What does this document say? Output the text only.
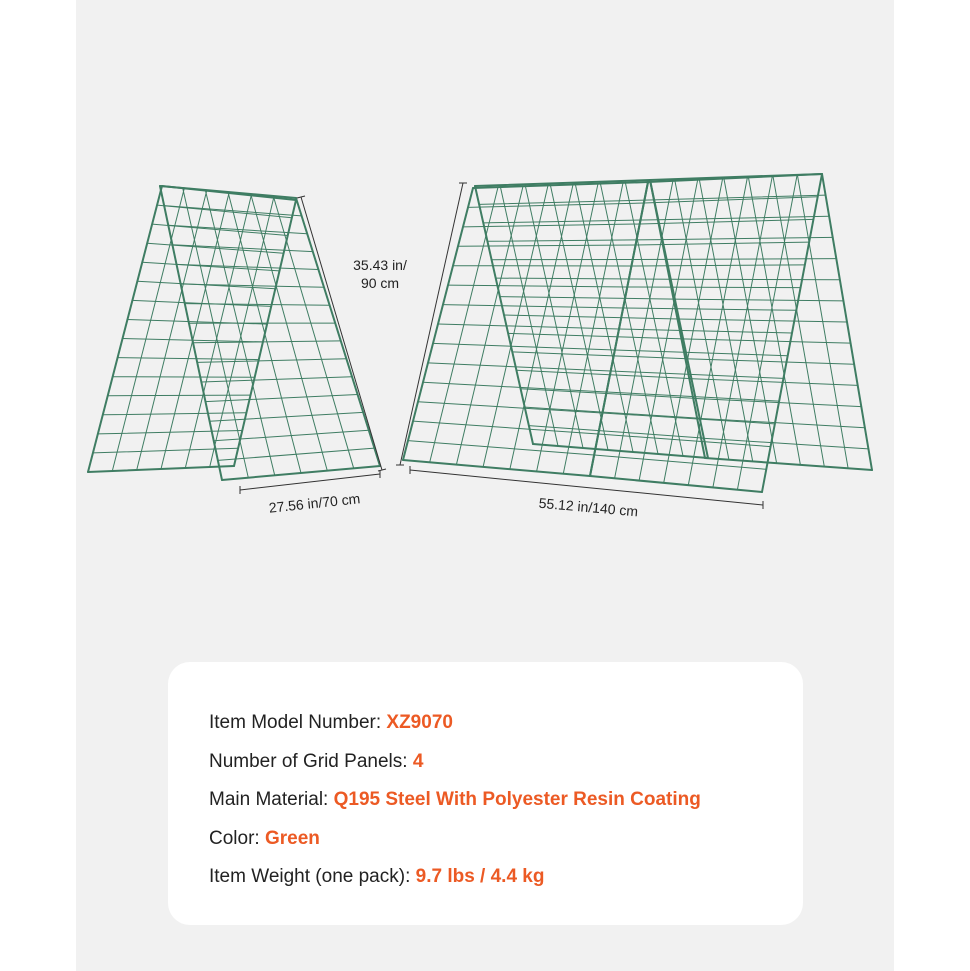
35.43 in/
90 cm
27.56 in/70 cm	55.12 in/140 cm
Item Model Number: XZ9070
Number of Grid Panels: 4
Main Material: Q195 Steel With Polyester Resin Coating
Color: Green
Item Weight (one pack): 9.7 lbs / 4.4 kg
